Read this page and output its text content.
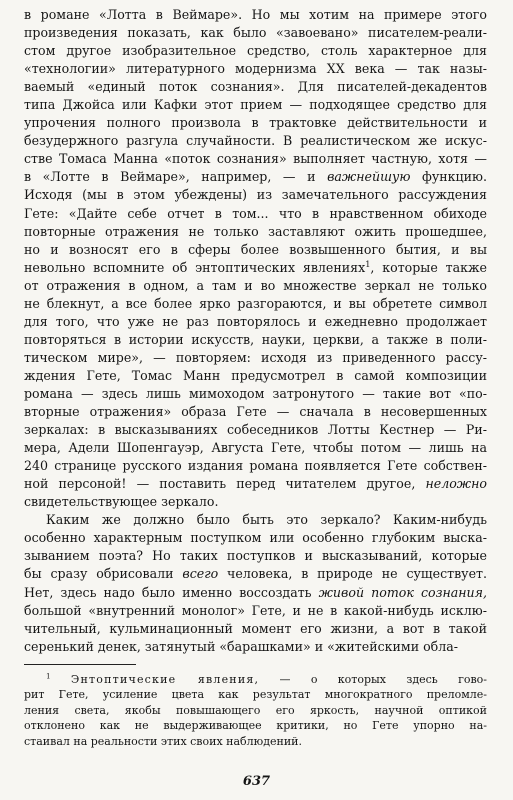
в романе «Лотта в Веймаре». Но мы хотим на примере этого
произведения показать, как было «завоевано» писателем-реали-
стом другое изобразительное средство, столь характерное для
«технологии» литературного модернизма XX века — так назы-
ваемый «единый поток сознания». Для писателей-декадентов
типа Джойса или Кафки этот прием — подходящее средство для
упрочения полного произвола в трактовке действительности и
безудержного разгула случайности. В реалистическом же искус-
стве Томаса Манна «поток сознания» выполняет частную, хотя —
в «Лотте в Веймаре», например, — и важнейшую функцию.
Исходя (мы в этом убеждены) из замечательного рассуждения
Гете: «Дайте себе отчет в том... что в нравственном обиходе
повторные отражения не только заставляют ожить прошедшее,
но и возносят его в сферы более возвышенного бытия, и вы
невольно вспомните об энтоптических явлениях$^1$, которые также
от отражения в одном, а там и во множестве зеркал не только
не блекнут, а все более ярко разгораются, и вы обретете символ
для того, что уже не раз повторялось и ежедневно продолжает
повторяться в истории искусств, науки, церкви, а также в поли-
тическом мире», — повторяем: исходя из приведенного рассу-
ждения Гете, Томас Манн предусмотрел в самой композиции
романа — здесь лишь мимоходом затронутого — такие вот «по-
вторные отражения» образа Гете — сначала в несовершенных
зеркалах: в высказываниях собеседников Лотты Кестнер — Ри-
мера, Адели Шопенгауэр, Августа Гете, чтобы потом — лишь на
240 странице русского издания романа появляется Гете собствен-
ной персоной! — поставить перед читателем другое, неложно
свидетельствующее зеркало.
Каким же должно было быть это зеркало? Каким-нибудь
особенно характерным поступком или особенно глубоким выска-
зыванием поэта? Но таких поступков и высказываний, которые
бы сразу обрисовали всего человека, в природе не существует.
Нет, здесь надо было именно воссоздать живой поток сознания,
большой «внутренний монолог» Гете, и не в какой-нибудь исклю-
чительный, кульминационный момент его жизни, а вот в такой
серенький денек, затянутый «барашками» и «житейскими обла-
$^1$ Энтоптические явления, — о которых здесь гово-
рит Гете, усиление цвета как результат многократного преломле-
ления света, якобы повышающего его яркость, научной оптикой
отклонено как не выдерживающее критики, но Гете упорно на-
стаивал на реальности этих своих наблюдений.
637
